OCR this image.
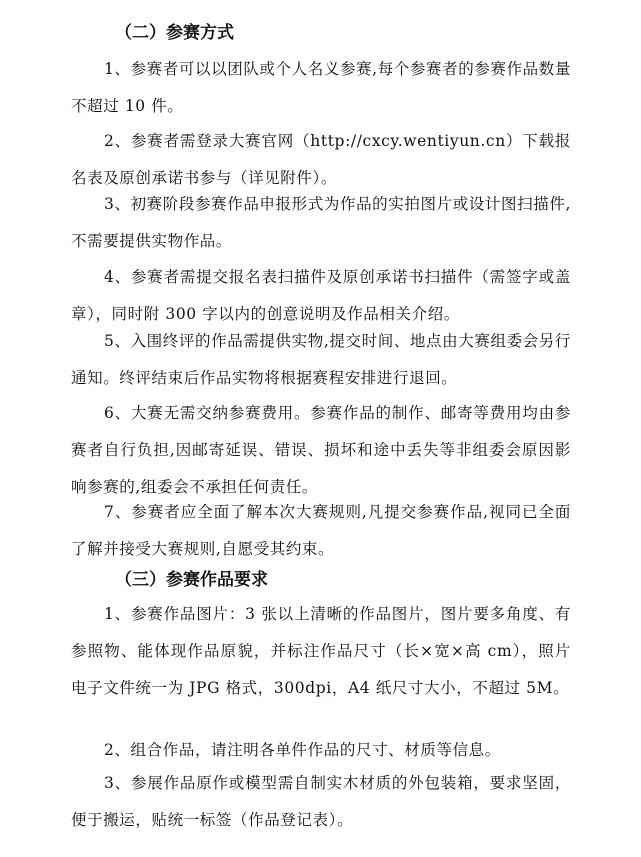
（二）参赛方式
1、参赛者可以以团队或个人名义参赛,每个参赛者的参赛作品数量不超过 10 件。
2、参赛者需登录大赛官网（http://cxcy.wentiyun.cn）下载报名表及原创承诺书参与（详见附件）。
3、初赛阶段参赛作品申报形式为作品的实拍图片或设计图扫描件,不需要提供实物作品。
4、参赛者需提交报名表扫描件及原创承诺书扫描件（需签字或盖章），同时附 300 字以内的创意说明及作品相关介绍。
5、入围终评的作品需提供实物,提交时间、地点由大赛组委会另行通知。终评结束后作品实物将根据赛程安排进行退回。
6、大赛无需交纳参赛费用。参赛作品的制作、邮寄等费用均由参赛者自行负担,因邮寄延误、错误、损坏和途中丢失等非组委会原因影响参赛的,组委会不承担任何责任。
7、参赛者应全面了解本次大赛规则,凡提交参赛作品,视同已全面了解并接受大赛规则,自愿受其约束。
（三）参赛作品要求
1、参赛作品图片：3 张以上清晰的作品图片，图片要多角度、有参照物、能体现作品原貌，并标注作品尺寸（长×宽×高 cm），照片电子文件统一为 JPG 格式，300dpi，A4 纸尺寸大小，不超过 5M。
2、组合作品，请注明各单件作品的尺寸、材质等信息。
3、参展作品原作或模型需自制实木材质的外包装箱，要求坚固，便于搬运，贴统一标签（作品登记表）。
